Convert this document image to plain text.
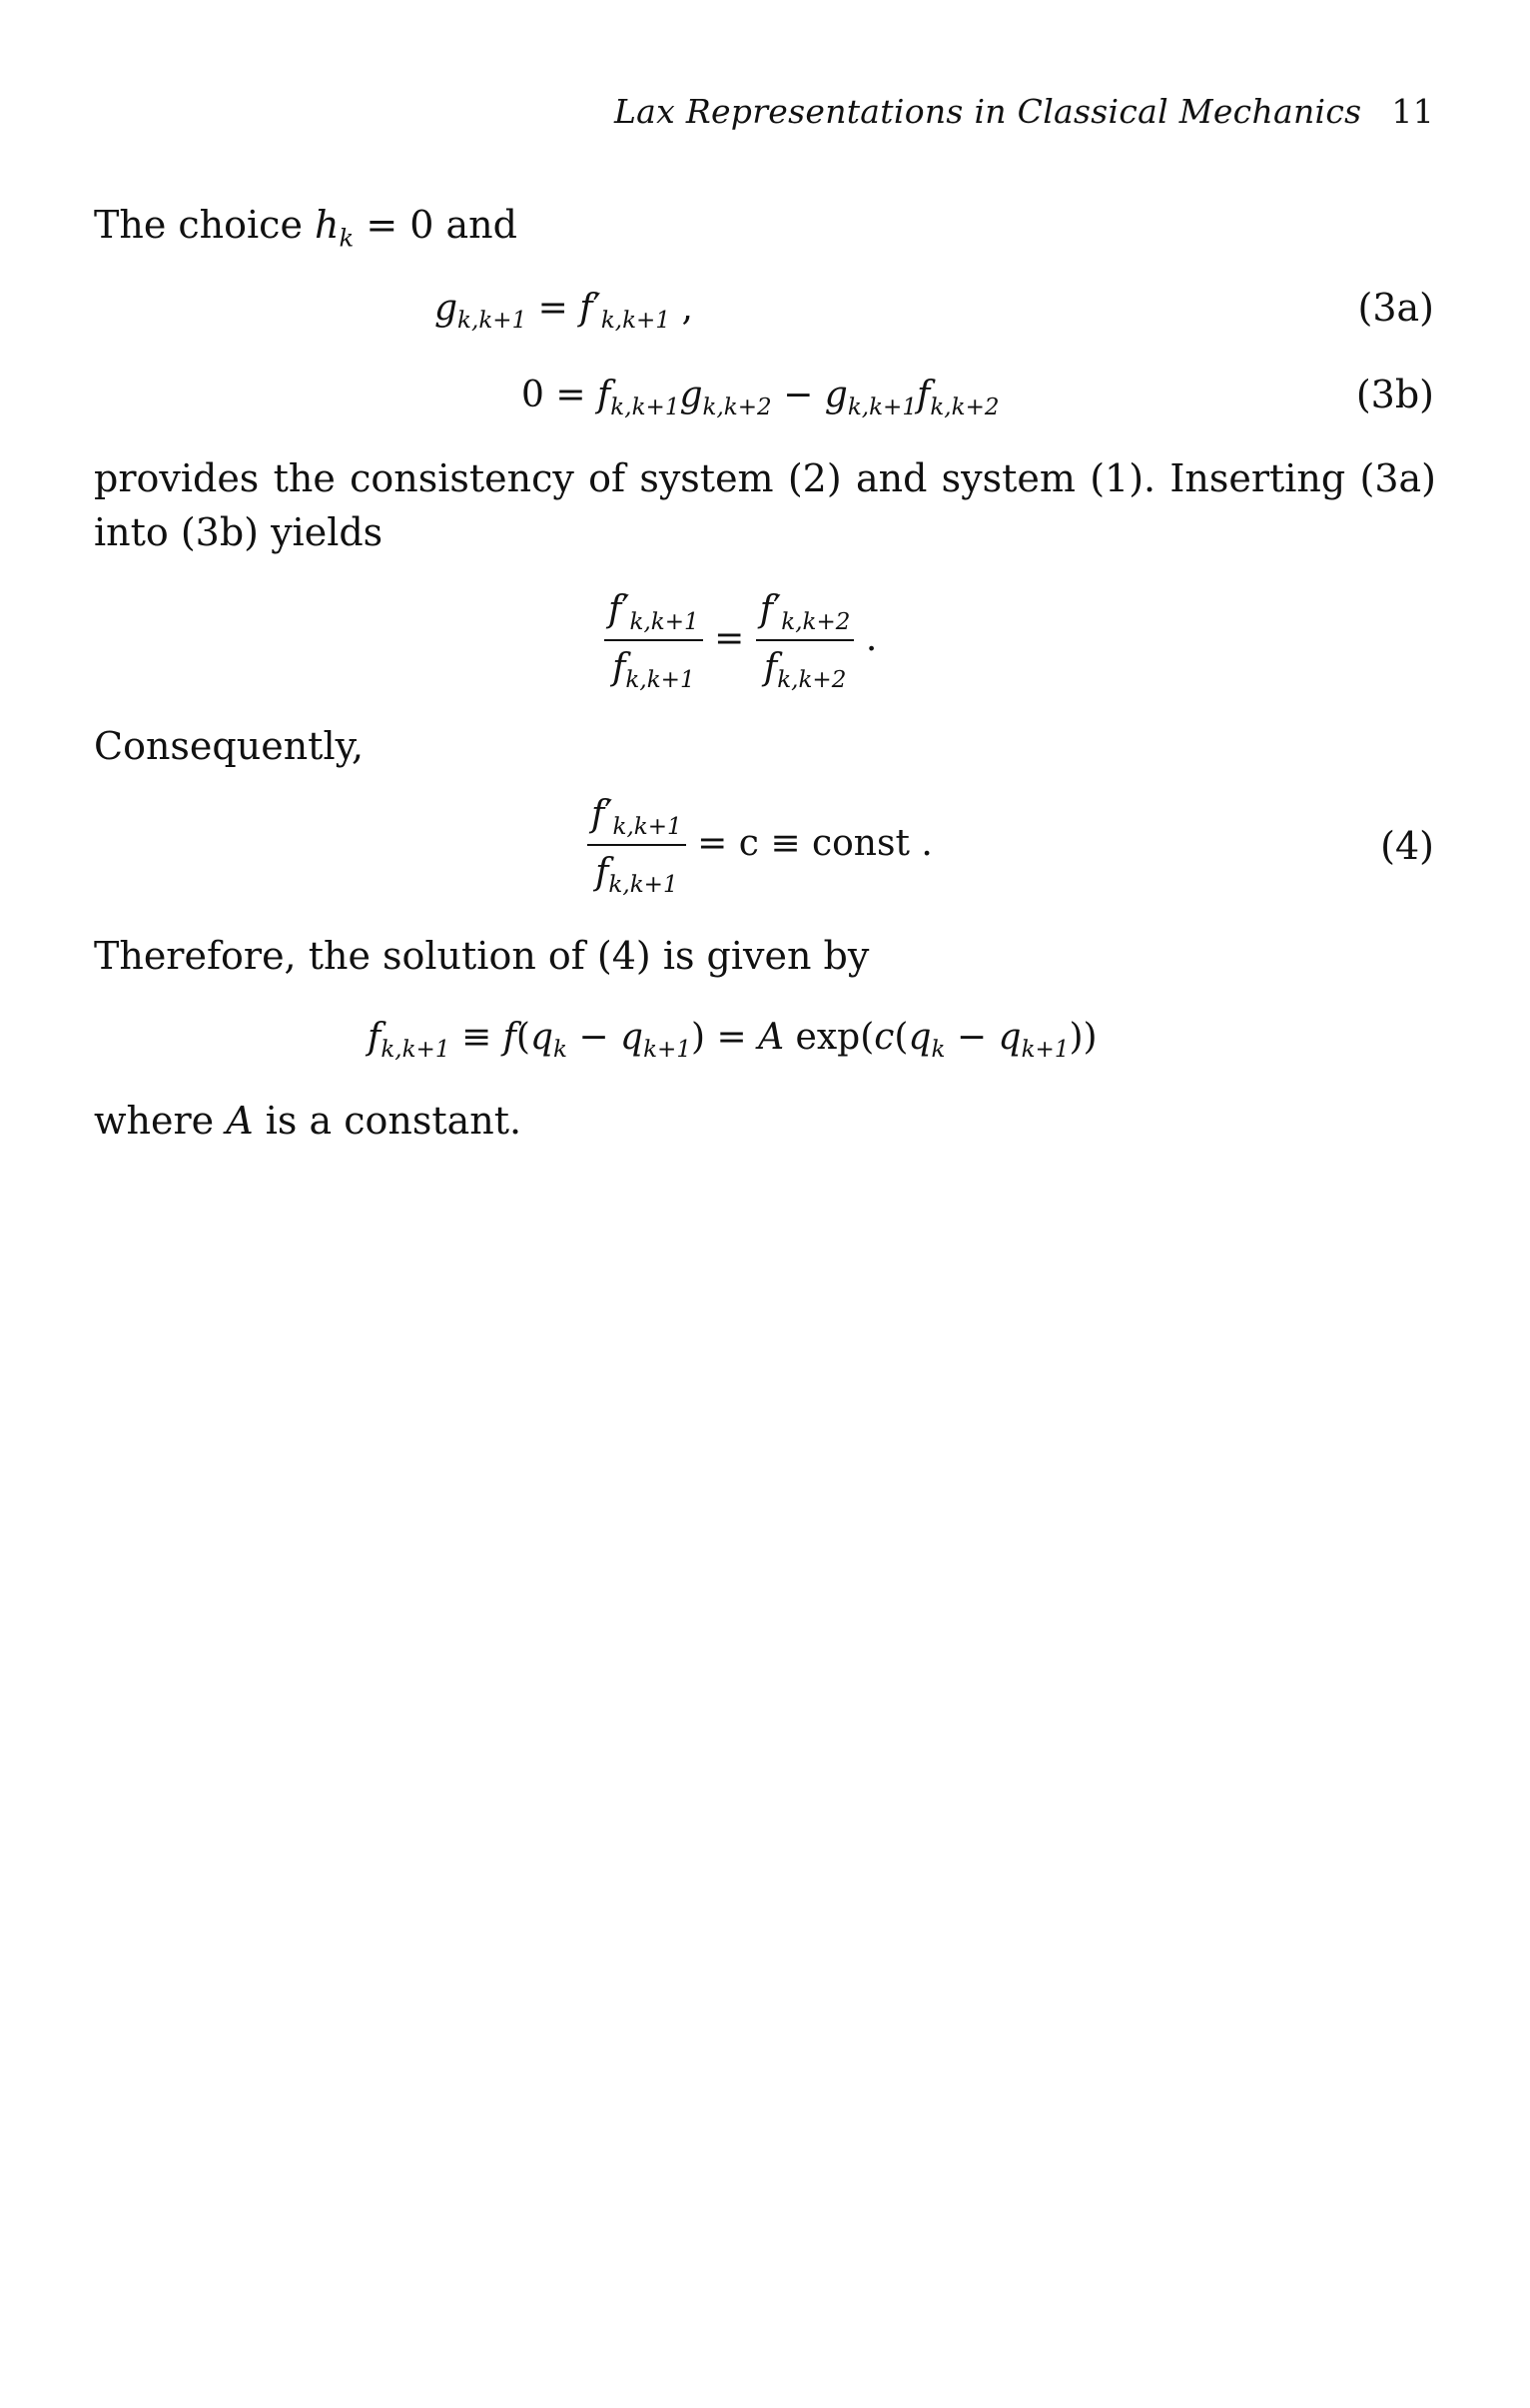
Lax Representations in Classical Mechanics 11
The choice $h_k = 0$ and
$g_{k,k+1} = f'_{k,k+1}$ ,	(3a)
$0 = f_{k,k+1}g_{k,k+2} - g_{k,k+1}f_{k,k+2}$	(3b)
provides the consistency of system (2) and system (1). Inserting (3a) into (3b) yields
$\frac{f'_{k,k+1}}{f_{k,k+1}} = \frac{f'_{k,k+2}}{f_{k,k+2}}$ .
Consequently,
$\frac{f'_{k,k+1}}{f_{k,k+1}} = c$ ≡ const .	(4)
Therefore, the solution of (4) is given by
$f_{k,k+1} \equiv f(q_k - q_{k+1}) = A$ $\exp(c(q_k - q_{k+1}))$
where A is a constant.
